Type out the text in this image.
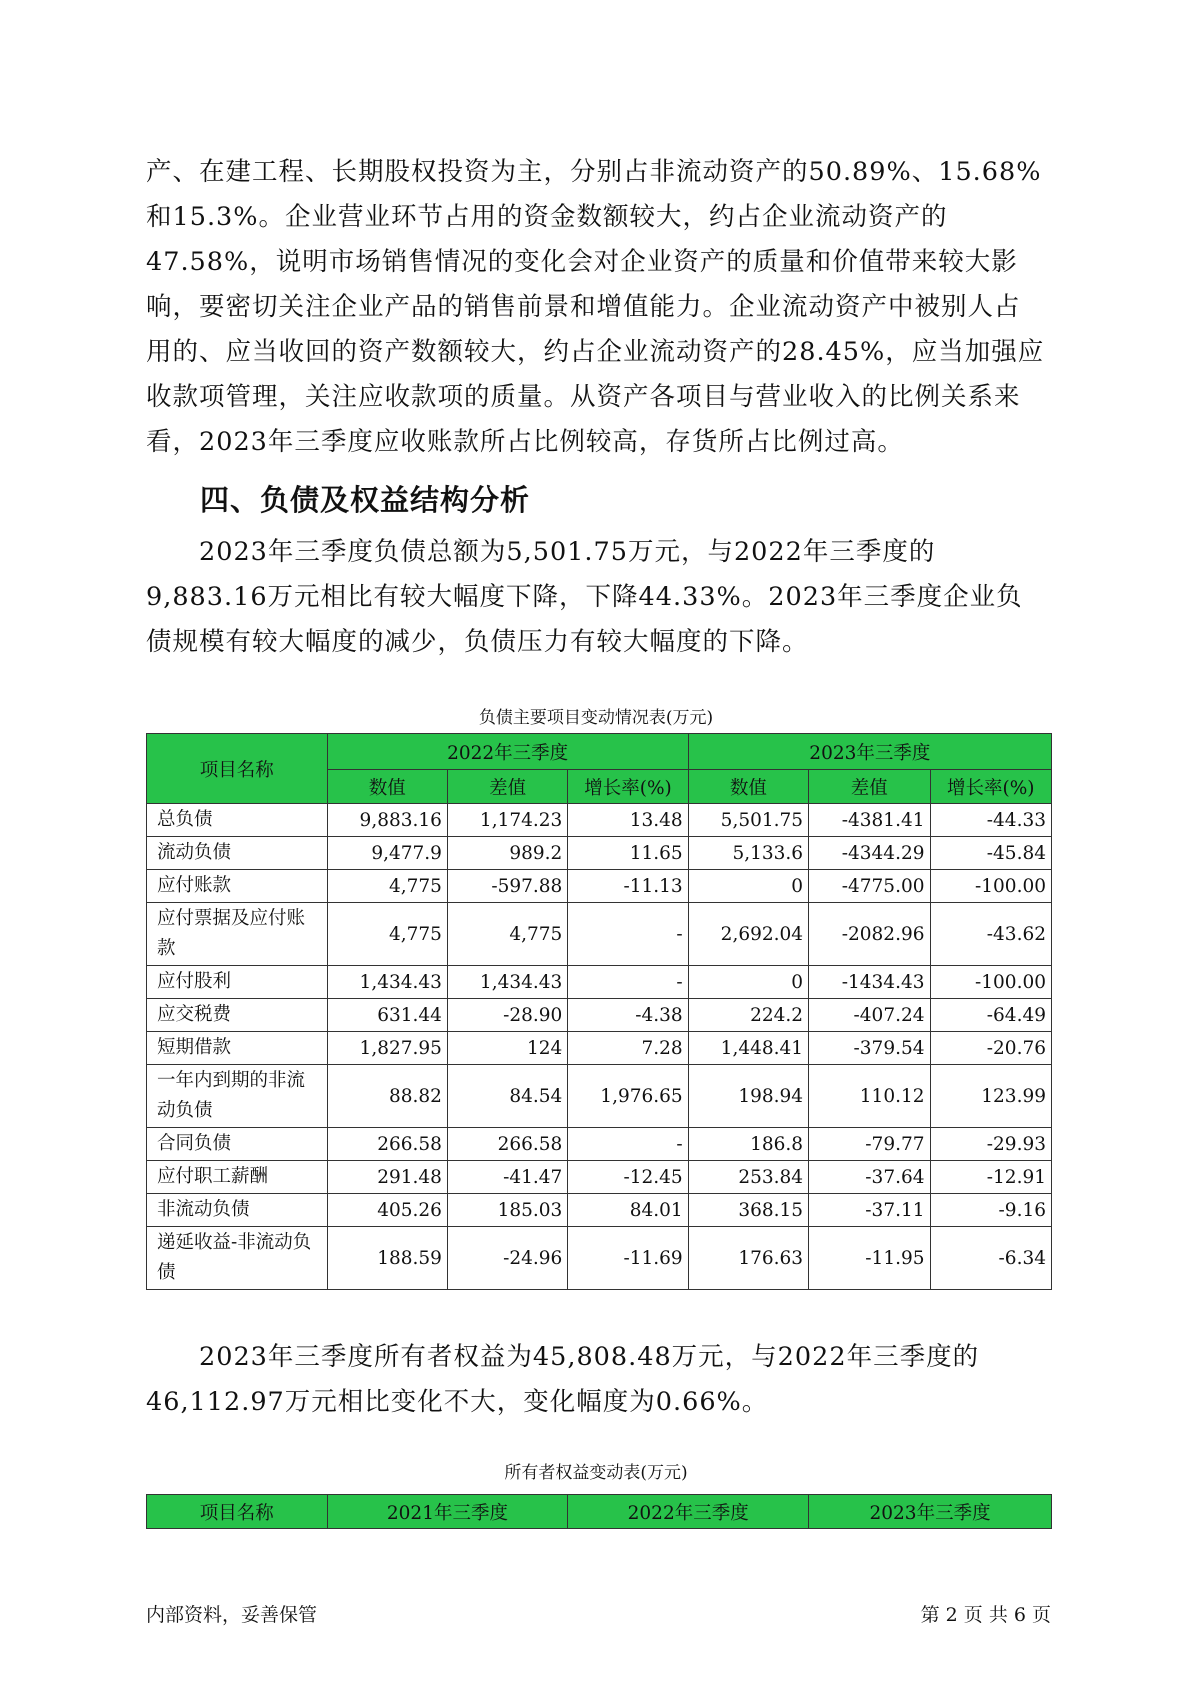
产、在建工程、长期股权投资为主，分别占非流动资产的50.89%、15.68%和15.3%。企业营业环节占用的资金数额较大，约占企业流动资产的47.58%，说明市场销售情况的变化会对企业资产的质量和价值带来较大影响，要密切关注企业产品的销售前景和增值能力。企业流动资产中被别人占用的、应当收回的资产数额较大，约占企业流动资产的28.45%，应当加强应收款项管理，关注应收款项的质量。从资产各项目与营业收入的比例关系来看，2023年三季度应收账款所占比例较高，存货所占比例过高。

四、负债及权益结构分析

2023年三季度负债总额为5,501.75万元，与2022年三季度的9,883.16万元相比有较大幅度下降，下降44.33%。2023年三季度企业负债规模有较大幅度的减少，负债压力有较大幅度的下降。

负债主要项目变动情况表(万元)

项目名称	2022年三季度			2023年三季度		
	数值	差值	增长率(%)	数值	差值	增长率(%)
总负债	9,883.16	1,174.23	13.48	5,501.75	-4381.41	-44.33
流动负债	9,477.9	989.2	11.65	5,133.6	-4344.29	-45.84
应付账款	4,775	-597.88	-11.13	0	-4775.00	-100.00
应付票据及应付账款	4,775	4,775	-	2,692.04	-2082.96	-43.62
应付股利	1,434.43	1,434.43	-	0	-1434.43	-100.00
应交税费	631.44	-28.90	-4.38	224.2	-407.24	-64.49
短期借款	1,827.95	124	7.28	1,448.41	-379.54	-20.76
一年内到期的非流动负债	88.82	84.54	1,976.65	198.94	110.12	123.99
合同负债	266.58	266.58	-	186.8	-79.77	-29.93
应付职工薪酬	291.48	-41.47	-12.45	253.84	-37.64	-12.91
非流动负债	405.26	185.03	84.01	368.15	-37.11	-9.16
递延收益-非流动负债	188.59	-24.96	-11.69	176.63	-11.95	-6.34

2023年三季度所有者权益为45,808.48万元，与2022年三季度的46,112.97万元相比变化不大，变化幅度为0.66%。

所有者权益变动表(万元)

项目名称	2021年三季度	2022年三季度	2023年三季度

内部资料，妥善保管	第 2 页 共 6 页
